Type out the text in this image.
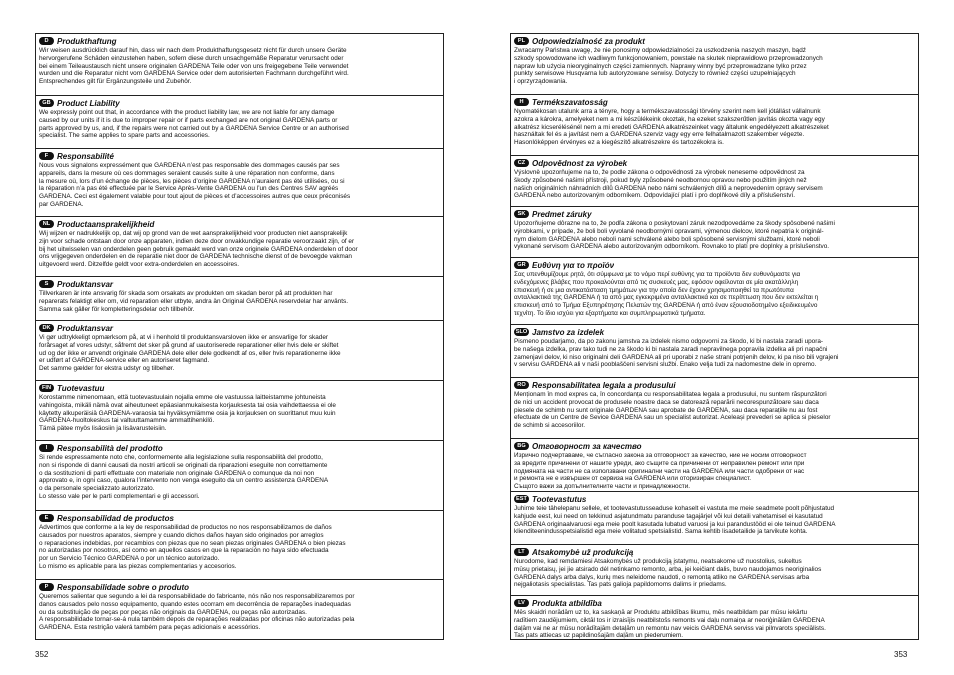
D	Produkthaftung
Wir weisen ausdrücklich darauf hin, dass wir nach dem Produkthaftungsgesetz nicht für durch unsere Geräte
hervorgerufene Schäden einzustehen haben, sofern diese durch unsachgemäße Reparatur verursacht oder
bei einem Teileaustausch nicht unsere originalen GARDENA Teile oder von uns freigegebene Teile verwendet
wurden und die Reparatur nicht vom GARDENA Service oder dem autorisierten Fachmann durchgeführt wird.
Entsprechendes gilt für Ergänzungsteile und Zubehör.
GB Product Liability
We expressly point out that, in accordance with the product liability law, we are not liable for any damage
caused by our units if it is due to improper repair or if parts exchanged are not original GARDENA parts or
parts approved by us, and, if the repairs were not carried out by a GARDENA Service Centre or an authorised
specialist. The same applies to spare parts and accessories.
F	Responsabilité
Nous vous signalons expressément que GARDENA n’est pas responsable des dommages causés par ses
appareils, dans la mesure où ces dommages seraient causés suite à une réparation non conforme, dans
la mesure où, lors d’un échange de pièces, les pièces d’origine GARDENA n’auraient pas été utilisées, ou si
la réparation n’a pas été effectuée par le Service Après-Vente GARDENA ou l’un des Centres SAV agréés
GARDENA. Ceci est également valable pour tout ajout de pièces et d’accessoires autres que ceux préconisés
par GARDENA.
NL Productaansprakelijkheid
Wij wijzen er nadrukkelijk op, dat wij op grond van de wet aansprakelijkheid voor producten niet aansprakelijk
zijn voor schade ontstaan door onze apparaten, indien deze door onvakkundige reparatie veroorzaakt zijn, of er
bij het uitwisselen van onderdelen geen gebruik gemaakt werd van onze originele GARDENA onderdelen of door
ons vrijgegeven onderdelen en de reparatie niet door de GARDENA technische dienst of de bevoegde vakman
uitgevoerd werd. Ditzelfde geldt voor extra-onderdelen en accessoires.
S	Produktansvar
Tillverkaren är inte ansvarig för skada som orsakats av produkten om skadan beror på att produkten har
reparerats felaktigt eller om, vid reparation eller utbyte, andra än Original GARDENA reservdelar har använts.
Samma sak gäller för kompletteringsdelar och tillbehör.
DK Produktansvar
Vi gør udtrykkeligt opmærksom på, at vi i henhold til produktansvarsloven ikke er ansvarlige for skader
forårsaget af vores udstyr, såfremt det sker på grund af uautoriserede reparationer eller hvis dele er skiftet
ud og der ikke er anvendt originale GARDENA dele eller dele godkendt af os, eller hvis reparationerne ikke
er udført af GARDENA-service eller en autoriseret fagmand.
Det samme gælder for ekstra udstyr og tilbehør.
FIN Tuotevastuu
Korostamme nimenomaan, että tuotevastuulain nojalla emme ole vastuussa laitteistamme johtuneista
vahingoista, mikäli nämä ovat aiheutuneet epäasianmukaisesta korjauksesta tai osia vaihdettaessa ei ole
käytetty alkuperäisiä GARDENA-varaosia tai hyväksymiämme osia ja korjauksen on suorittanut muu kuin
GARDENA-huoltokeskus tai valtuuttamamme ammattihenkilö.
Tämä pätee myös lisäosiin ja lisävarusteisiin.
I	Responsabilità del prodotto
Si rende espressamente noto che, conformemente alla legislazione sulla responsabilità del prodotto,
non si risponde di danni causati da nostri articoli se originati da riparazioni eseguite non correttamente
o da sostituzioni di parti effettuate con materiale non originale GARDENA o comunque da noi non
approvato e, in ogni caso, qualora l’intervento non venga eseguito da un centro assistenza GARDENA
o da personale specializzato autorizzato.
Lo stesso vale per le parti complementari e gli accessori.
E	Responsabilidad de productos
Advertimos que conforme a la ley de responsabilidad de productos no nos responsabilizamos de daños
causados por nuestros aparatos, siempre y cuando dichos daños hayan sido originados por arreglos
o reparaciones indebidas, por recambios con piezas que no sean piezas originales GARDENA o bien piezas
no autorizadas por nosotros, así como en aquellos casos en que la reparación no haya sido efectuada
por un Servicio Técnico GARDENA o por un técnico autorizado.
Lo mismo es aplicable para las piezas complementarias y accesorios.
P	Responsabilidade sobre o produto
Queremos salientar que segundo a lei da responsabilidade do fabricante, nós não nos responsabilizaremos por
danos causados pelo nosso equipamento, quando estes ocorram em decorrência de reparações inadequadas
ou da substituição de peças por peças não originais da GARDENA, ou peças não autorizadas.
A responsabilidade tornar-se-á nula também depois de reparações realizadas por oficinas não autorizadas pela
GARDENA. Esta restrição valerá também para peças adicionais e acessórios.
PL Odpowiedzialność za produkt
Zwracamy Państwa uwagę, że nie ponosimy odpowiedzialności za uszkodzenia naszych maszyn, bądź
szkody spowodowane ich wadliwym funkcjonowaniem, powstałe na skutek nieprawidłowo przeprowadzonych
napraw lub użycia nieoryginalnych części zamiennych. Naprawy winny być przeprowadzane tylko przez
punkty serwisowe Husqvarna lub autoryzowane serwisy. Dotyczy to również części uzupełniających
i oprzyrządowania.
H	Termékszavatosság
Nyomatékosan utalunk arra a tényre, hogy a termékszavatossági törvény szerint nem kell jótállást vállalnunk
azokra a károkra, amelyeket nem a mi készülékeink okoztak, ha ezeket szakszerűtlen javítás okozta vagy egy
alkatrész kicserélésénél nem a mi eredeti GARDENA alkatrészeinket vagy általunk engedélyezett alkatrészeket
használtak fel és a javítást nem a GARDENA szerviz vagy egy erre felhatalmazott szakember végezte.
Hasonlóképpen érvényes ez a kiegészítő alkatrészekre és tartozékokra is.
CZ Odpovědnost za výrobek
Výslovně upozorňujeme na to, že podle zákona o odpovědnosti za výrobek neneseme odpovědnost za
škody způsobené našimi přístroji, pokud byly způsobené neodbornou opravou nebo použitím jiných než
našich originálních náhradních dílů GARDENA nebo námi schválených dílů a neprovedením opravy servisem
GARDENA nebo autorizovaným odborníkem. Odpovídající platí i pro doplňkové díly a příslušenství.
SK Predmet záruky
Upozorňujeme dôrazne na to, že podľa zákona o poskytovaní záruk nezodpovedáme za škody spôsobené našimi
výrobkami, v prípade, že boli boli vyvolané neodbornými opravami, výmenou dielcov, ktoré nepatria k originál-
nym dielom GARDENA alebo neboli nami schválené alebo boli spôsobené servisnými službami, ktoré neboli
vykonané servisom GARDENA alebo autorizovaným odborníkom. Rovnako to platí pre doplnky a príslušenstvo.
GR Ευθύνη για το προϊόν
Σας υπενθυμίζουμε ρητά, ότι σύμφωνα με το νόμο περί ευθύνης για τα προϊόντα δεν ευθυνόμαστε για
ενδεχόμενες βλάβες που προκαλούνται από τις συσκευές μας, εφόσον οφείλονται σε μία ακατάλληλη
επισκευή ή σε μια αντικατάσταση τμημάτων για την οποία δεν έχουν χρησιμοποιηθεί τα πρωτότυπα
ανταλλακτικά της GARDENA ή τα από μας εγκεκριμένα ανταλλακτικά και σε περίπτωση που δεν εκτελείται η
επισκευή από το Τμήμα Εξυπηρέτησης Πελατών της GARDENA ή από έναν εξουσιοδοτημένο εξειδικευμένο
τεχνίτη. Το ίδιο ισχύει για εξαρτήματα και συμπληρωματικά τμήματα.
SLO Jamstvo za izdelek
Pismeno poudarjamo, da po zakonu jamstva za izdelek nismo odgovorni za škodo, ki bi nastala zaradi upora-
be našega izdelka, prav tako tudi ne za škodo ki bi nastala zaradi nepravilnega popravila izdelka ali pri napačni
zamenjavi delov, ki niso originalni deli GARDENA ali pri uporabi z naše strani potrjenih delov, ki pa niso bili vgrajeni
v servisu GARDENA ali v naši pooblaščeni servisni službi. Enako velja tudi za nadomestne dele in opremo.
RO Responsabilitatea legala a produsului
Menționam în mod expres ca, în concordanța cu responsabilitatea legala a produsului, nu suntem răspunzători
de nici un accident provocat de produsele noastre daca se datorează reparării necorespunzătoare sau daca
piesele de schimb nu sunt originale GARDENA sau aprobate de GARDENA, sau daca reparațiile nu au fost
efectuate de un Centre de Sevice GARDENA sau un specialist autorizat. Aceleași prevederi se aplica si pieselor
de schimb si accesoriilor.
BG Отговорност за качество
Изрично подчертаваме, че съгласно закона за отговорност за качество, ние не носим отговорност
за вредите причинени от нашите уреди, ако същите са причинени от неправилен ремонт или при
подмяната на части не са използвани оригинални части на GARDENA или части одобрени от нас
и ремонта не е извършен от сервиза на GARDENA или оторизиран специалист.
Същото важи за допълнителните части и принадлежности.
EST Tootevastutus
Juhime teie tähelepanu sellele, et tootevastutusseaduse kohaselt ei vastuta me meie seadmete poolt põhjustatud
kahjude eest, kui need on tekkinud asjatundmatu paranduse tagajärjel või kui detaili vahetamisel ei kasutatud
GARDENA originaalvaruosi ega meie poolt kasutada lubatud varuosi ja kui parandustööd ei ole teinud GARDENA
klienditeenindusspetsialistid ega meie volitatud spetsialistid. Sama kehtib lisadetailide ja tarvikute kohta.
LT Atsakomybė už produkciją
Nurodome, kad remdamiesi Atsakomybės už produkciją įstatymu, neatsakome už nuostolius, sukeltus
mūsų prietaisų, jei jie atsirado dėl netinkamo remonto, arba, jei keičiant dalis, buvo naudojamos neoriginalios
GARDENA dalys arba dalys, kurių mes neleidome naudoti, o remontą atliko ne GARDENA servisas arba
nejgaliotasis specialistas. Tas pats galioja papildomoms dalims ir priedams.
LV Produkta atbildība
Mēs skaidri norādām uz to, ka saskaņā ar Produktu atbildības likumu, mēs neatbildam par mūsu iekārtu
radītiem zaudējumiem, ciktāl tos ir izraisījis neatbilstošs remonts vai daļu nomaiņa ar neoriģinālām GARDENA
daļām vai ne ar mūsu norādītajām detaļām un remontu nav veicis GARDENA serviss vai pilnvarots speciālists.
Tas pats attiecas uz papildinošajām daļām un piederumiem.
352	353
